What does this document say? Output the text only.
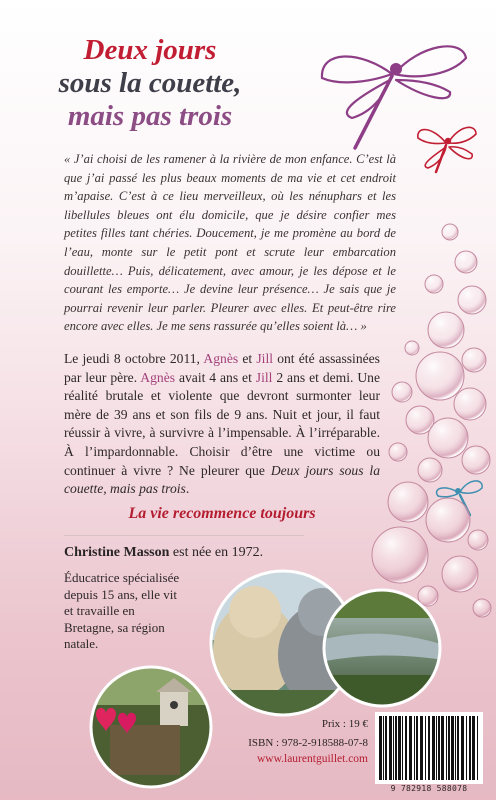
Deux jours
sous la couette,
mais pas trois
« J’ai choisi de les ramener à la rivière de mon enfance. C’est là que j’ai passé les plus beaux moments de ma vie et cet endroit m’apaise. C’est à ce lieu merveilleux, où les nénuphars et les libellules bleues ont élu domicile, que je désire confier mes petites filles tant chéries. Doucement, je me promène au bord de l’eau, monte sur le petit pont et scrute leur embarcation douillette… Puis, délicatement, avec amour, je les dépose et le courant les emporte… Je devine leur présence… Je sais que je pourrai revenir leur parler. Pleurer avec elles. Et peut-être rire encore avec elles. Je me sens rassurée qu’elles soient là… »
Le jeudi 8 octobre 2011, Agnès et Jill ont été assassinées par leur père. Agnès avait 4 ans et Jill 2 ans et demi. Une réalité brutale et violente que devront surmonter leur mère de 39 ans et son fils de 9 ans. Nuit et jour, il faut réussir à vivre, à survivre à l’impensable. À l’irréparable. À l’impardonnable. Choisir d’être une victime ou continuer à vivre ? Ne pleurer que Deux jours sous la couette, mais pas trois.
La vie recommence toujours
Christine Masson est née en 1972.
Éducatrice spécialisée depuis 15 ans, elle vit et travaille en Bretagne, sa région natale.
Prix : 19 €
ISBN : 978-2-918588-07-8
www.laurentguillet.com
9 782918 588078
